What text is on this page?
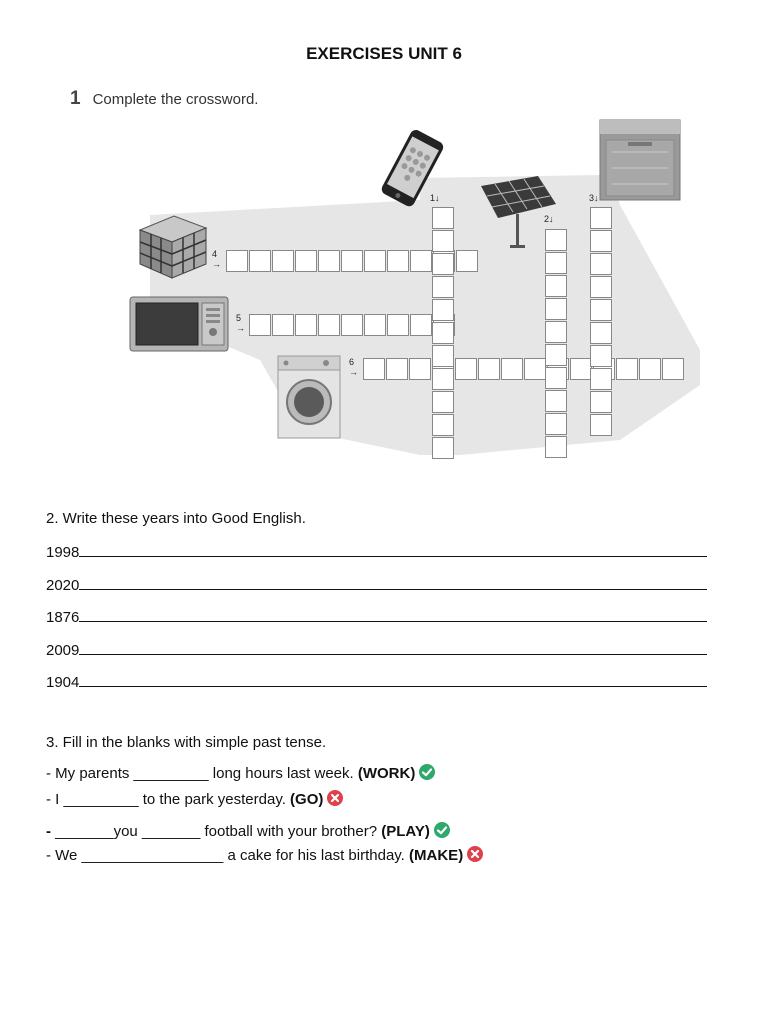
EXERCISES UNIT 6
1 Complete the crossword.
1↓
2↓
3↓
4
→
5
→
6
→
2. Write these years into Good English.
1998
2020
1876
2009
1904
3. Fill in the blanks with simple past tense.
- My parents _________ long hours last week. (WORK)
- I _________ to the park yesterday. (GO)
- _______you _______ football with your brother? (PLAY)
- We _________________ a cake for his last birthday. (MAKE)
